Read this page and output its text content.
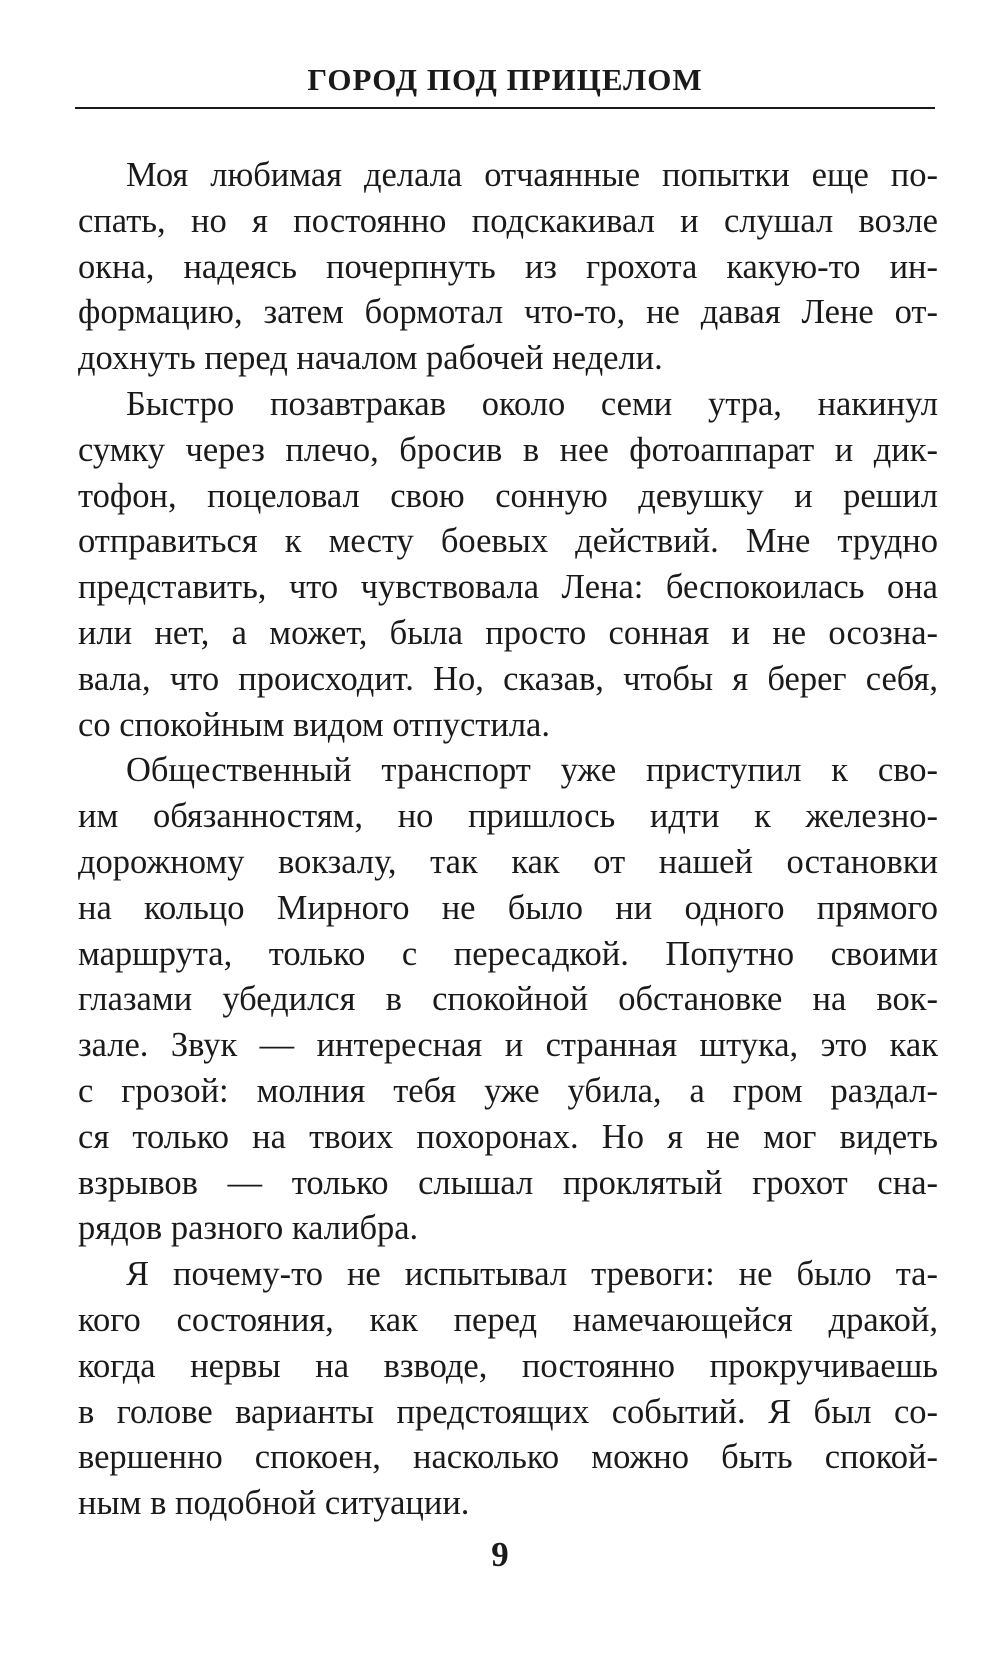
ГОРОД ПОД ПРИЦЕЛОМ
Моя любимая делала отчаянные попытки еще по-
спать, но я постоянно подскакивал и слушал возле
окна, надеясь почерпнуть из грохота какую-то ин-
формацию, затем бормотал что-то, не давая Лене от-
дохнуть перед началом рабочей недели.
Быстро позавтракав около семи утра, накинул
сумку через плечо, бросив в нее фотоаппарат и дик-
тофон, поцеловал свою сонную девушку и решил
отправиться к месту боевых действий. Мне трудно
представить, что чувствовала Лена: беспокоилась она
или нет, а может, была просто сонная и не осозна-
вала, что происходит. Но, сказав, чтобы я берег себя,
со спокойным видом отпустила.
Общественный транспорт уже приступил к сво-
им обязанностям, но пришлось идти к железно-
дорожному вокзалу, так как от нашей остановки
на кольцо Мирного не было ни одного прямого
маршрута, только с пересадкой. Попутно своими
глазами убедился в спокойной обстановке на вок-
зале. Звук — интересная и странная штука, это как
с грозой: молния тебя уже убила, а гром раздал-
ся только на твоих похоронах. Но я не мог видеть
взрывов — только слышал проклятый грохот сна-
рядов разного калибра.
Я почему-то не испытывал тревоги: не было та-
кого состояния, как перед намечающейся дракой,
когда нервы на взводе, постоянно прокручиваешь
в голове варианты предстоящих событий. Я был со-
вершенно спокоен, насколько можно быть спокой-
ным в подобной ситуации.
9
